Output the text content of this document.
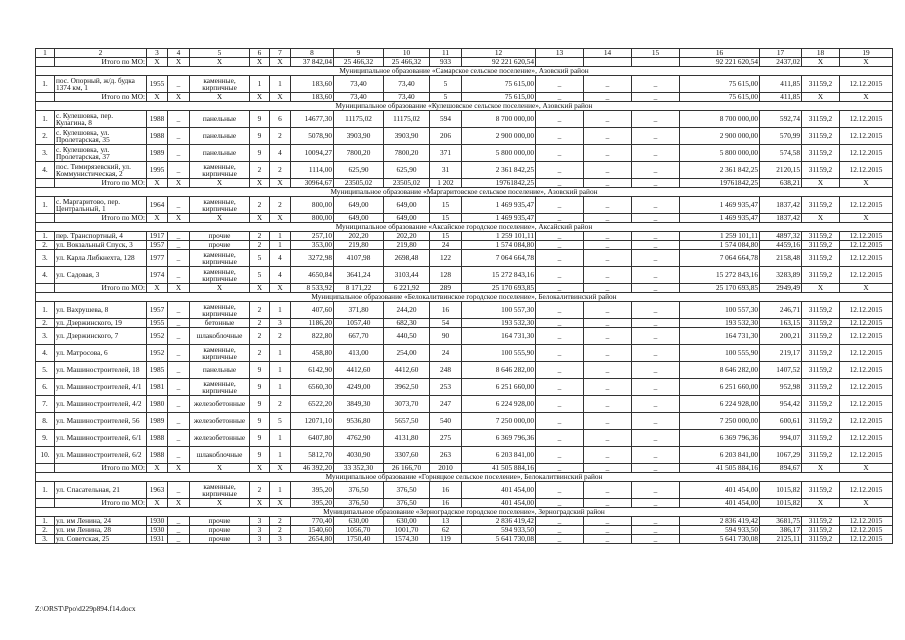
1	2	3	4	5	6	7	8	9	10	11	12	13	14	15	16	17	18	19
	Итого по МО:	X	X	X	X	X	37 842,04	25 466,32	25 466,32	933	92 221 620,54				92 221 620,54	2437,02	X	X
Муниципальное образование «Самарское сельское поселение», Азовский район																		
1.	пос. Опорный, ж/д. будка 1374 км, 1	1955	_	каменные, кирпичные	1	1	183,60	73,40	73,40	5	75 615,00	_	_	_	75 615,00	411,85	31159,2	12.12.2015
	Итого по МО:	X	X	X	X	X	183,60	73,40	73,40	5	75 615,00	_	_	_	75 615,00	411,85	X	X
Муниципальное образование «Кулешовское сельское поселение», Азовский район																		
1.	с. Кулешовка, пер. Кулагина, 8	1988	_	панельные	9	6	14677,30	11175,02	11175,02	594	8 700 000,00	_	_	_	8 700 000,00	592,74	31159,2	12.12.2015
2.	с. Кулешовка, ул. Пролетарская, 35	1988	_	панельные	9	2	5078,90	3903,90	3903,90	206	2 900 000,00	_	_	_	2 900 000,00	570,99	31159,2	12.12.2015
3.	с. Кулешовка, ул. Пролетарская, 37	1989	_	панельные	9	4	10094,27	7800,20	7800,20	371	5 800 000,00	_	_	_	5 800 000,00	574,58	31159,2	12.12.2015
4.	пос. Тимирязевский, ул. Коммунистическая, 2	1995	_	каменные, кирпичные	2	2	1114,00	625,90	625,90	31	2 361 842,25	_	_	_	2 361 842,25	2120,15	31159,2	12.12.2015
	Итого по МО:	X	X	X	X	X	30964,67	23505,02	23505,02	1 202	19761842,25	_	_	_	19761842,25	638,21	X	X
Муниципальное образование «Маргаритовское сельское поселение», Азовский район																		
1.	с. Маргаритово, пер. Центральный, 1	1964	_	каменные, кирпичные	2	2	800,00	649,00	649,00	15	1 469 935,47	_	_	_	1 469 935,47	1837,42	31159,2	12.12.2015
	Итого по МО:	X	X	X	X	X	800,00	649,00	649,00	15	1 469 935,47	_	_	_	1 469 935,47	1837,42	X	X
Муниципальное образование «Аксайское городское поселение», Аксайский район																		
1.	пер. Транспортный, 4	1917	_	прочие	2	1	257,10	202,20	202,20	15	1 259 101,11	_	_	_	1 259 101,11	4897,32	31159,2	12.12.2015
2.	ул. Вокзальный Спуск, 3	1957	_	прочие	2	1	353,00	219,80	219,80	24	1 574 084,80	_	_	_	1 574 084,80	4459,16	31159,2	12.12.2015
3.	ул. Карла Либкнехта, 128	1977	_	каменные, кирпичные	5	4	3272,98	4107,98	2698,48	122	7 064 664,78	_	_	_	7 064 664,78	2158,48	31159,2	12.12.2015
4.	ул. Садовая, 3	1974	_	каменные, кирпичные	5	4	4650,84	3641,24	3103,44	128	15 272 843,16	_	_	_	15 272 843,16	3283,89	31159,2	12.12.2015
	Итого по МО:	X	X	X	X	X	8 533,92	8 171,22	6 221,92	289	25 170 693,85	_	_	_	25 170 693,85	2949,49	X	X
Муниципальное образование «Белокалитвинское городское поселение», Белокалитвинский район																		
1.	ул. Вахрушева, 8	1957	_	каменные, кирпичные	2	1	407,60	371,80	244,20	16	100 557,30	_	_	_	100 557,30	246,71	31159,2	12.12.2015
2.	ул. Дзержинского, 19	1955	_	бетонные	2	3	1186,20	1057,40	682,30	54	193 532,30	_	_	_	193 532,30	163,15	31159,2	12.12.2015
3.	ул. Дзержинского, 7	1952	_	шлакоблочные	2	2	822,80	667,70	440,50	90	164 731,30	_	_	_	164 731,30	200,21	31159,2	12.12.2015
4.	ул. Матросова, 6	1952	_	каменные, кирпичные	2	1	458,80	413,00	254,00	24	100 555,90	_	_	_	100 555,90	219,17	31159,2	12.12.2015
5.	ул. Машиностроителей, 18	1985	_	панельные	9	1	6142,90	4412,60	4412,60	248	8 646 282,00	_	_	_	8 646 282,00	1407,52	31159,2	12.12.2015
6.	ул. Машиностроителей, 4/1	1981	_	каменные, кирпичные	9	1	6560,30	4249,00	3962,50	253	6 251 660,00	_	_	_	6 251 660,00	952,98	31159,2	12.12.2015
7.	ул. Машиностроителей, 4/2	1980	_	железобетонные	9	2	6522,20	3849,30	3073,70	247	6 224 928,00	_	_	_	6 224 928,00	954,42	31159,2	12.12.2015
8.	ул. Машиностроителей, 56	1989	_	железобетонные	9	5	12071,10	9536,80	5657,50	540	7 250 000,00	_	_	_	7 250 000,00	600,61	31159,2	12.12.2015
9.	ул. Машиностроителей, 6/1	1988	_	железобетонные	9	1	6407,80	4762,90	4131,80	275	6 369 796,36	_	_	_	6 369 796,36	994,07	31159,2	12.12.2015
10.	ул. Машиностроителей, 6/2	1988	_	шлакоблочные	9	1	5812,70	4030,90	3307,60	263	6 203 841,00	_	_	_	6 203 841,00	1067,29	31159,2	12.12.2015
	Итого по МО:	X	X	X	X	X	46 392,20	33 352,30	26 166,70	2010	41 505 884,16	_	_	_	41 505 884,16	894,67	X	X
Муниципальное образование «Горняцкое сельское поселение», Белокалитвинский район																		
1.	ул. Спасательная, 21	1963	_	каменные, кирпичные	2	1	395,20	376,50	376,50	16	401 454,00	_	_	_	401 454,00	1015,82	31159,2	12.12.2015
	Итого по МО:	X	X	X	X	X	395,20	376,50	376,50	16	401 454,00	_	_	_	401 454,00	1015,82	X	X
Муниципальное образование «Зерноградское городское поселение», Зерноградский район																		
1.	ул. им Ленина, 24	1930	_	прочие	3	2	770,40	630,00	630,00	13	2 836 419,42	_	_	_	2 836 419,42	3681,75	31159,2	12.12.2015
2.	ул. им Ленина, 28	1930	_	прочие	3	2	1540,60	1056,70	1001,70	62	594 933,50	_	_	_	594 933,50	386,17	31159,2	12.12.2015
3.	ул. Советская, 25	1931	_	прочие	3	3	2654,80	1750,40	1574,30	119	5 641 730,08	_	_	_	5 641 730,08	2125,11	31159,2	12.12.2015
Z:\ORST\Ppo\d229p894.f14.docx
